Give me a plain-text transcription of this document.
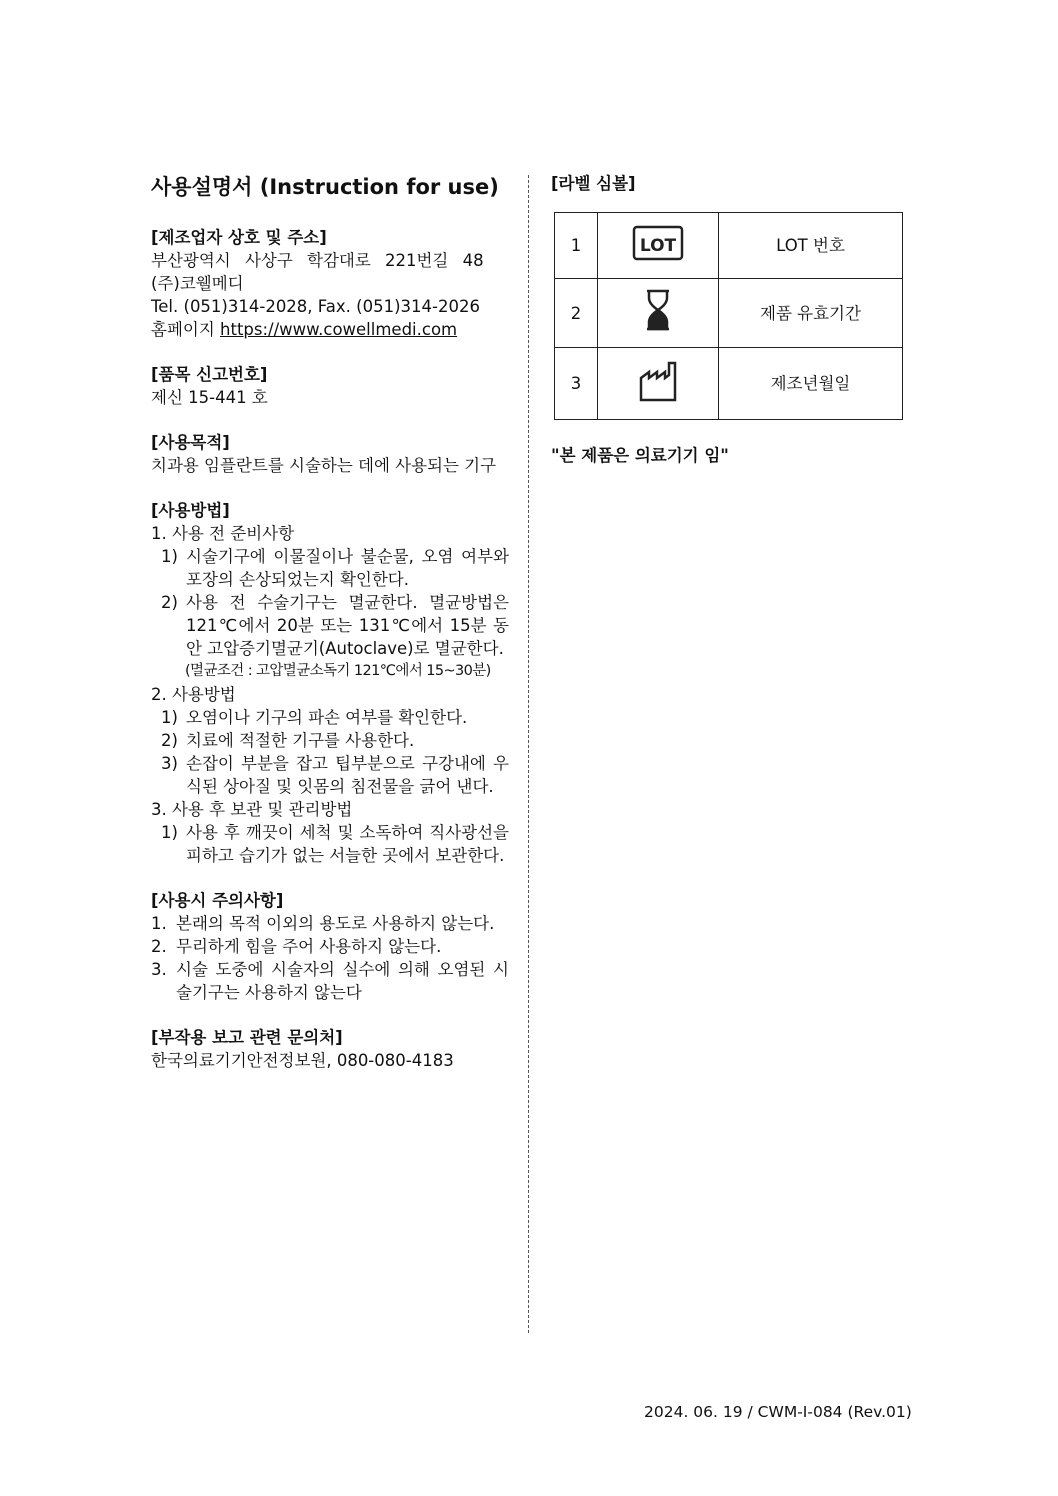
사용설명서 (Instruction for use)

[제조업자 상호 및 주소]

부산광역시 사상구 학감대로 221번길 48

(주)코웰메디

Tel. (051)314-2028, Fax. (051)314-2026

홈페이지 https://www.cowellmedi.com

[품목 신고번호]

제신 15-441 호

[사용목적]

치과용 임플란트를 시술하는 데에 사용되는 기구

[사용방법]

1. 사용 전 준비사항

1) 시술기구에 이물질이나 불순물, 오염 여부와 포장의 손상되었는지 확인한다.
2) 사용 전 수술기구는 멸균한다. 멸균방법은 121℃에서 20분 또는 131℃에서 15분 동안 고압증기멸균기(Autoclave)로 멸균한다.

(멸균조건 : 고압멸균소독기 121℃에서 15~30분)

2. 사용방법

1) 오염이나 기구의 파손 여부를 확인한다.
2) 치료에 적절한 기구를 사용한다.
3) 손잡이 부분을 잡고 팁부분으로 구강내에 우식된 상아질 및 잇몸의 침전물을 긁어 낸다.

3. 사용 후 보관 및 관리방법

1) 사용 후 깨끗이 세척 및 소독하여 직사광선을 피하고 습기가 없는 서늘한 곳에서 보관한다.

[사용시 주의사항]

1. 본래의 목적 이외의 용도로 사용하지 않는다.
2. 무리하게 힘을 주어 사용하지 않는다.
3. 시술 도중에 시술자의 실수에 의해 오염된 시술기구는 사용하지 않는다

[부작용 보고 관련 문의처]

한국의료기기안전정보원, 080-080-4183

[라벨 심볼]

1	LOT	LOT 번호
2		제품 유효기간
3		제조년월일

"본 제품은 의료기기 임"

2024. 06. 19 / CWM-I-084 (Rev.01)
